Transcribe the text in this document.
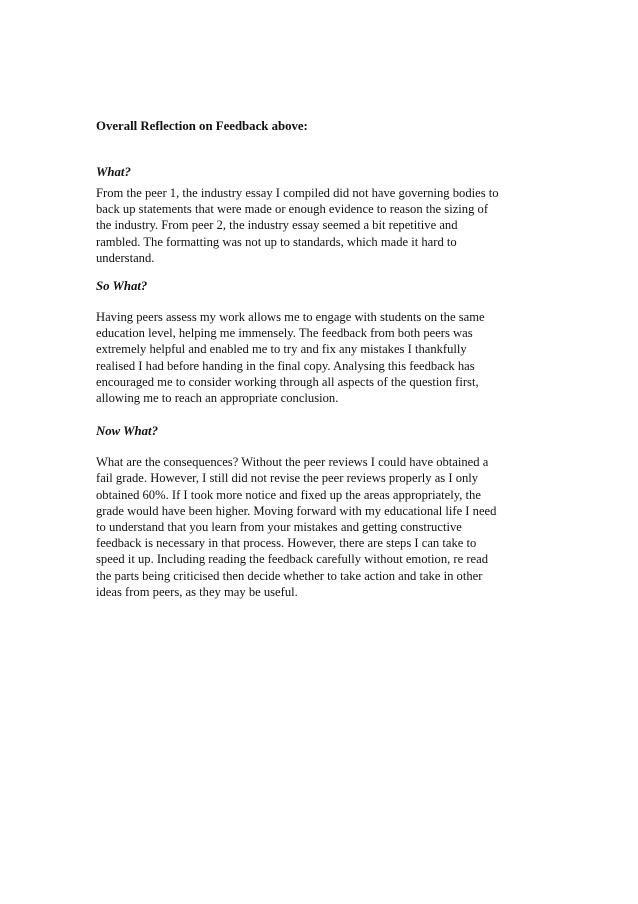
Overall Reflection on Feedback above:

What?

From the peer 1, the industry essay I compiled did not have governing bodies to
back up statements that were made or enough evidence to reason the sizing of
the industry. From peer 2, the industry essay seemed a bit repetitive and
rambled. The formatting was not up to standards, which made it hard to
understand.

So What?

Having peers assess my work allows me to engage with students on the same
education level, helping me immensely. The feedback from both peers was
extremely helpful and enabled me to try and fix any mistakes I thankfully
realised I had before handing in the final copy. Analysing this feedback has
encouraged me to consider working through all aspects of the question first,
allowing me to reach an appropriate conclusion.

Now What?

What are the consequences? Without the peer reviews I could have obtained a
fail grade. However, I still did not revise the peer reviews properly as I only
obtained 60%. If I took more notice and fixed up the areas appropriately, the
grade would have been higher. Moving forward with my educational life I need
to understand that you learn from your mistakes and getting constructive
feedback is necessary in that process. However, there are steps I can take to
speed it up. Including reading the feedback carefully without emotion, re read
the parts being criticised then decide whether to take action and take in other
ideas from peers, as they may be useful.
